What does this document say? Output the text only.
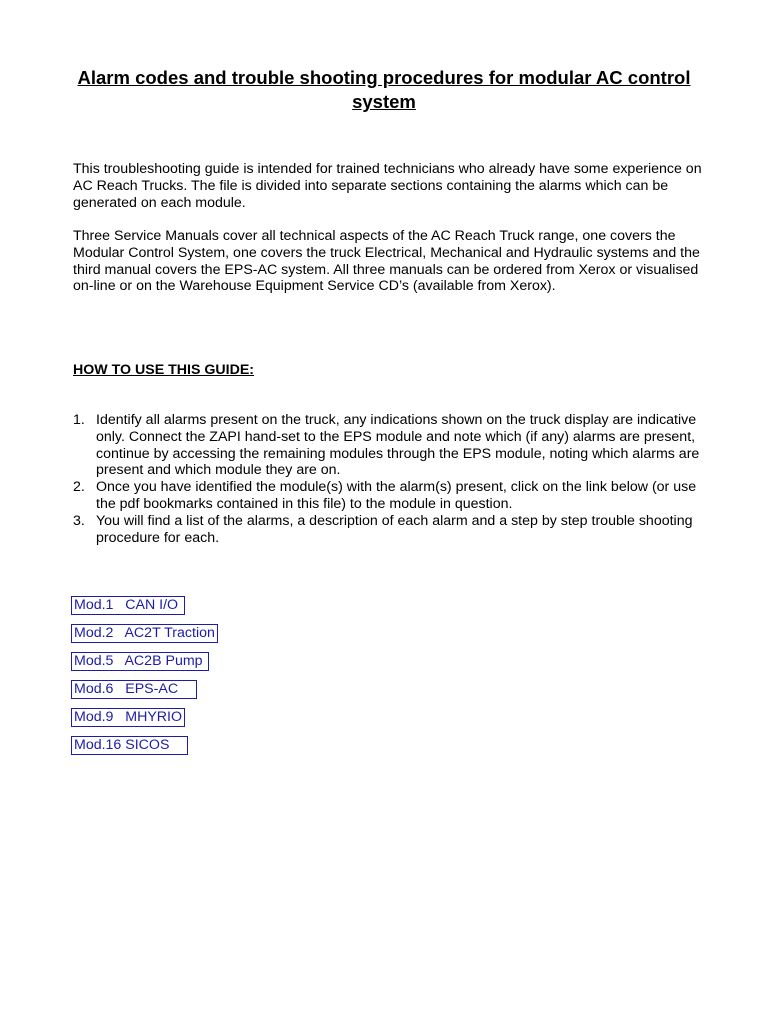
Alarm codes and trouble shooting procedures for modular AC control system

This troubleshooting guide is intended for trained technicians who already have some experience on AC Reach Trucks. The file is divided into separate sections containing the alarms which can be generated on each module.

Three Service Manuals cover all technical aspects of the AC Reach Truck range, one covers the Modular Control System, one covers the truck Electrical, Mechanical and Hydraulic systems and the third manual covers the EPS-AC system. All three manuals can be ordered from Xerox or visualised on-line or on the Warehouse Equipment Service CD’s (available from Xerox).

HOW TO USE THIS GUIDE:
1. Identify all alarms present on the truck, any indications shown on the truck display are indicative only. Connect the ZAPI hand-set to the EPS module and note which (if any) alarms are present, continue by accessing the remaining modules through the EPS module, noting which alarms are present and which module they are on.
2. Once you have identified the module(s) with the alarm(s) present, click on the link below (or use the pdf bookmarks contained in this file) to the module in question.
3. You will find a list of the alarms, a description of each alarm and a step by step trouble shooting procedure for each.
Mod.1   CAN I/O
Mod.2   AC2T Traction
Mod.5   AC2B Pump
Mod.6   EPS-AC
Mod.9   MHYRIO
Mod.16 SICOS
